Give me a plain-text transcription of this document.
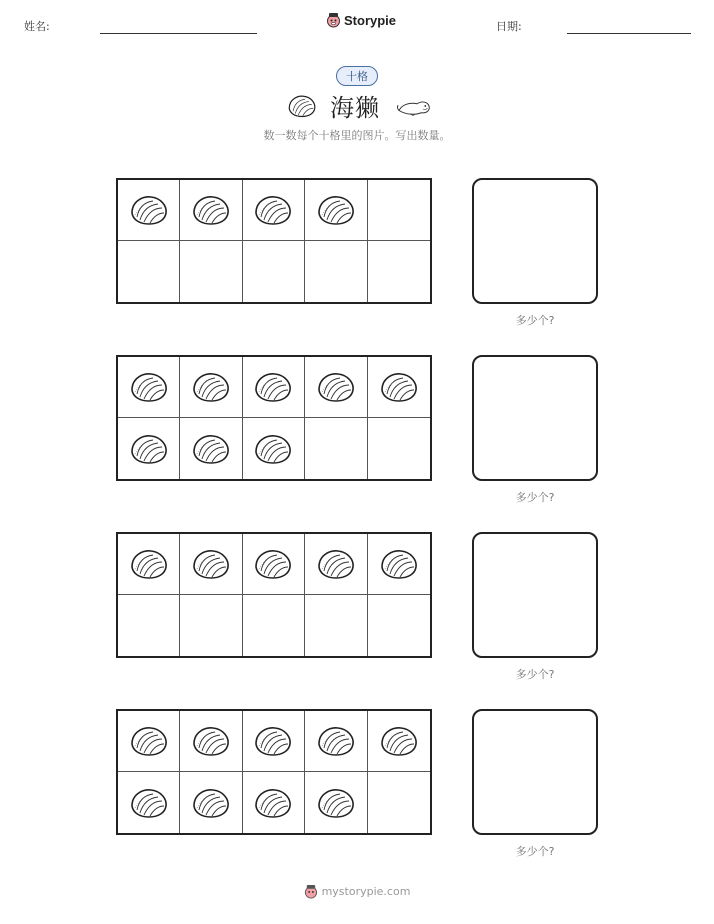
姓名:	Storypie	日期:
十格
海獭
数一数每个十格里的图片。写出数量。
多少个?
多少个?
多少个?
多少个?
mystorypie.com
